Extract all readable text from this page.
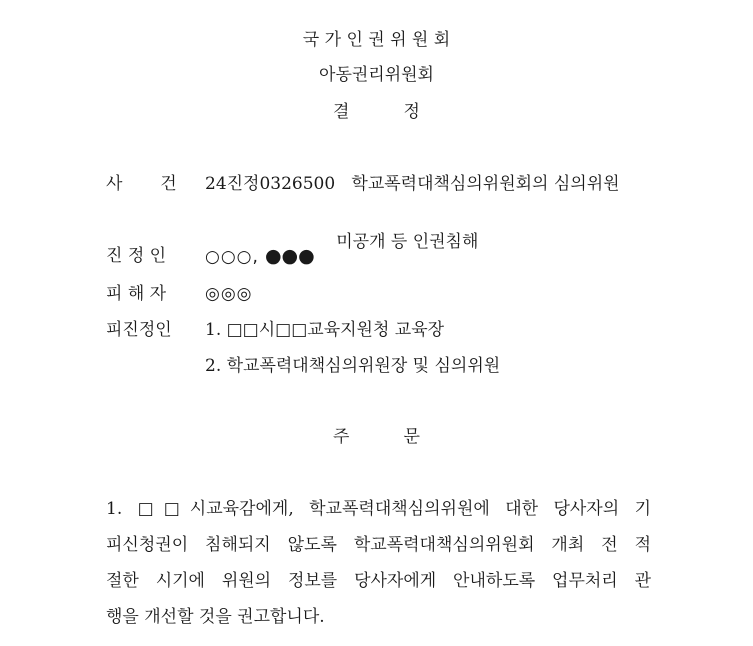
국 가 인 권 위 원 회
아동권리위원회
결          정
사       건	24진정0326500   학교폭력대책심의위원회의 심의위원

미공개 등 인권침해

진 정 인	○○○, ●●●
피 해 자	◎◎◎
피진정인	1. □□시□□교육지원청 교육장
2. 학교폭력대책심의위원장 및 심의위원
주          문
1. □□시교육감에게, 학교폭력대책심의위원에 대한 당사자의 기
피신청권이 침해되지 않도록 학교폭력대책심의위원회 개최 전 적
절한 시기에 위원의 정보를 당사자에게 안내하도록 업무처리 관
행을 개선할 것을 권고합니다.
